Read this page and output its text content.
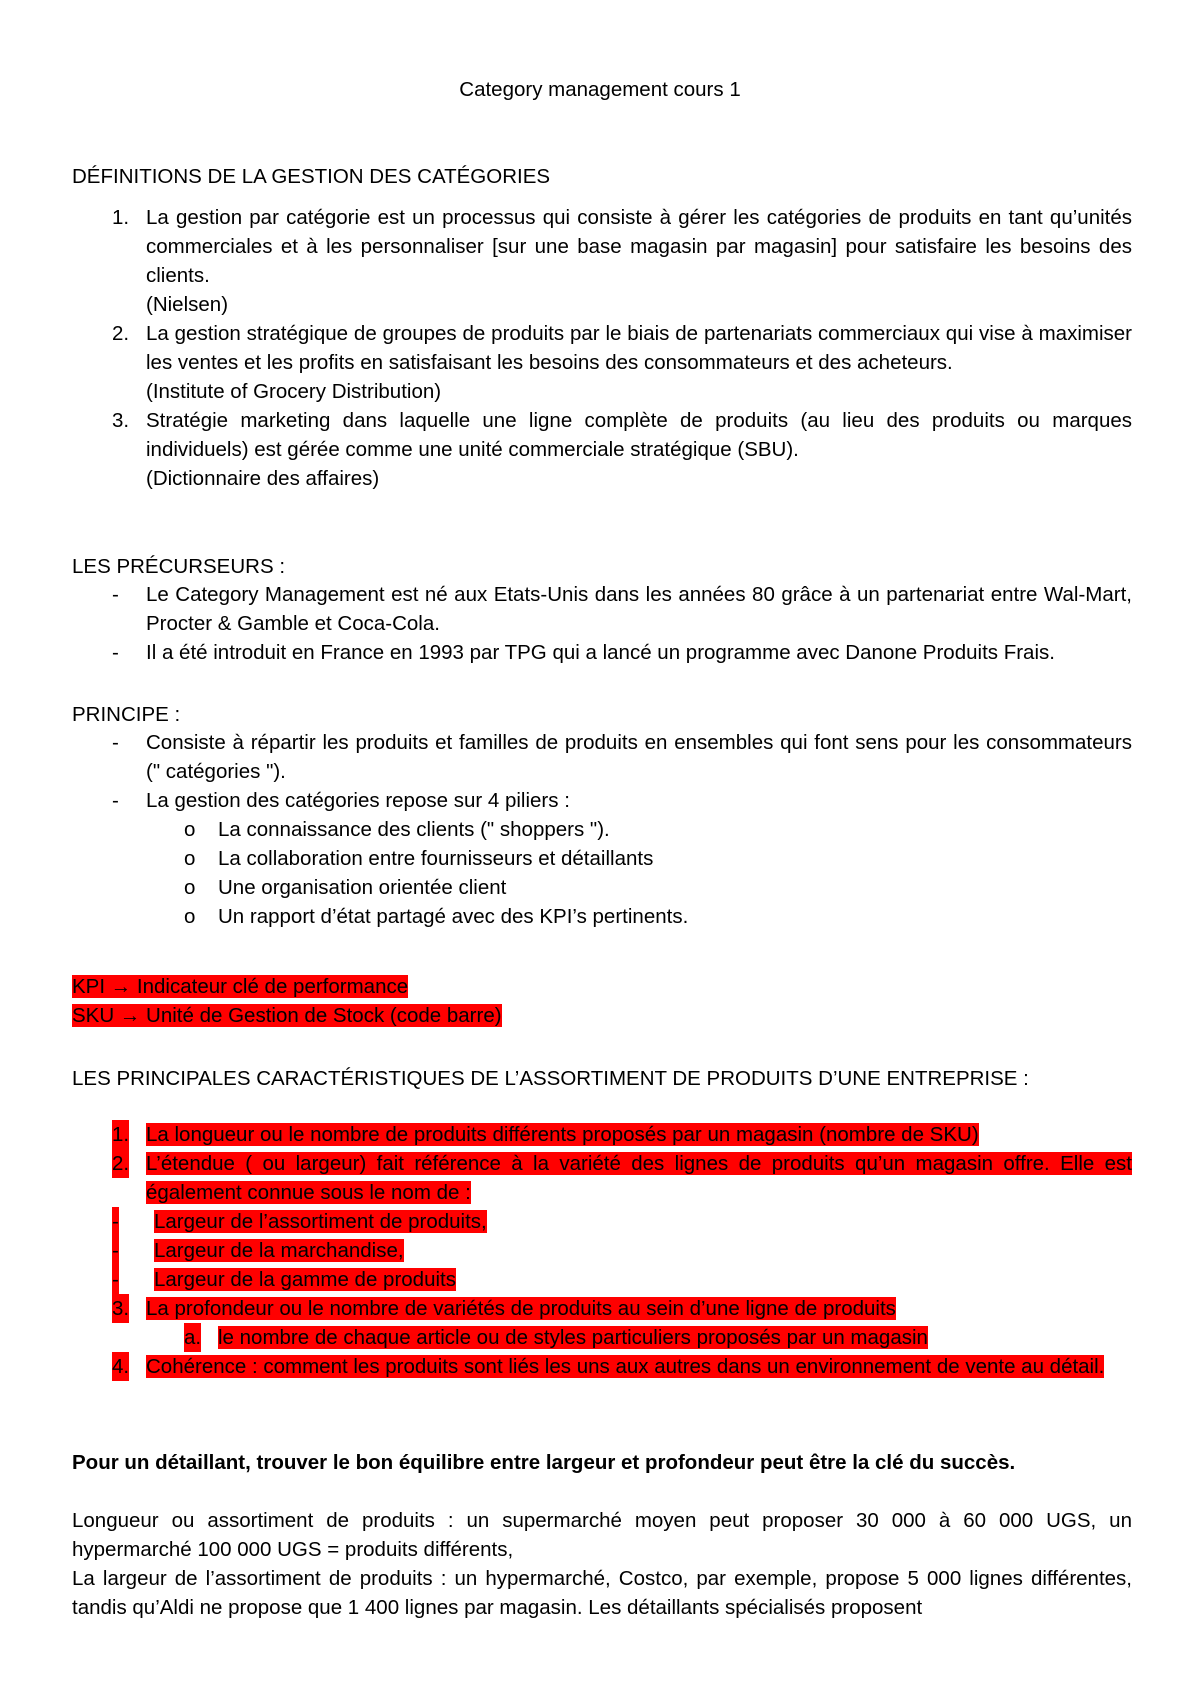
Category management cours 1
DÉFINITIONS DE LA GESTION DES CATÉGORIES
1. La gestion par catégorie est un processus qui consiste à gérer les catégories de produits en tant qu’unités commerciales et à les personnaliser [sur une base magasin par magasin] pour satisfaire les besoins des clients.
(Nielsen)
2. La gestion stratégique de groupes de produits par le biais de partenariats commerciaux qui vise à maximiser les ventes et les profits en satisfaisant les besoins des consommateurs et des acheteurs.
(Institute of Grocery Distribution)
3. Stratégie marketing dans laquelle une ligne complète de produits (au lieu des produits ou marques individuels) est gérée comme une unité commerciale stratégique (SBU).
(Dictionnaire des affaires)
LES PRÉCURSEURS :
- Le Category Management est né aux Etats-Unis dans les années 80 grâce à un partenariat entre Wal-Mart, Procter & Gamble et Coca-Cola.
- Il a été introduit en France en 1993 par TPG qui a lancé un programme avec Danone Produits Frais.
PRINCIPE :
- Consiste à répartir les produits et familles de produits en ensembles qui font sens pour les consommateurs (" catégories ").
- La gestion des catégories repose sur 4 piliers :
o La connaissance des clients (" shoppers ").
o La collaboration entre fournisseurs et détaillants
o Une organisation orientée client
o Un rapport d’état partagé avec des KPI’s pertinents.

KPI → Indicateur clé de performance

SKU → Unité de Gestion de Stock (code barre)

LES PRINCIPALES CARACTÉRISTIQUES DE L’ASSORTIMENT DE PRODUITS D’UNE ENTREPRISE :
1. La longueur ou le nombre de produits différents proposés par un magasin (nombre de SKU)
2. L’étendue ( ou largeur) fait référence à la variété des lignes de produits qu’un magasin offre. Elle est également connue sous le nom de :
- Largeur de l’assortiment de produits,
- Largeur de la marchandise,
- Largeur de la gamme de produits
3. La profondeur ou le nombre de variétés de produits au sein d’une ligne de produits
a. le nombre de chaque article ou de styles particuliers proposés par un magasin
4. Cohérence : comment les produits sont liés les uns aux autres dans un environnement de vente au détail.
Pour un détaillant, trouver le bon équilibre entre largeur et profondeur peut être la clé du succès.

Longueur ou assortiment de produits : un supermarché moyen peut proposer 30 000 à 60 000 UGS, un hypermarché 100 000 UGS = produits différents,

La largeur de l’assortiment de produits : un hypermarché, Costco, par exemple, propose 5 000 lignes différentes, tandis qu’Aldi ne propose que 1 400 lignes par magasin. Les détaillants spécialisés proposent
